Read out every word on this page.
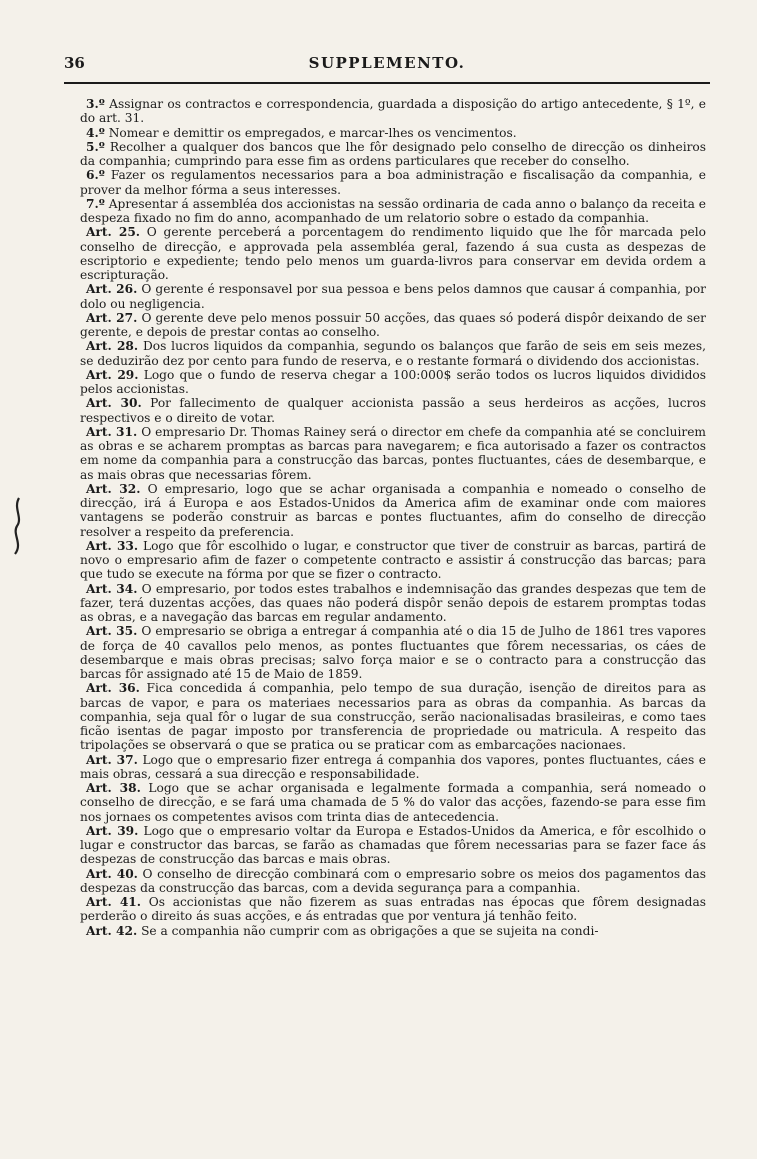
36	SUPPLEMENTO.

3.º Assignar os contractos e correspondencia, guardada a disposição do artigo antecedente, § 1º, e do art. 31.

4.º Nomear e demittir os empregados, e marcar-lhes os vencimentos.

5.º Recolher a qualquer dos bancos que lhe fôr designado pelo conselho de direcção os dinheiros da companhia; cumprindo para esse fim as ordens particulares que receber do conselho.

6.º Fazer os regulamentos necessarios para a boa administração e fiscalisação da companhia, e prover da melhor fórma a seus interesses.

7.º Apresentar á assembléa dos accionistas na sessão ordinaria de cada anno o balanço da receita e despeza fixado no fim do anno, acompanhado de um relatorio sobre o estado da companhia.

Art. 25. O gerente perceberá a porcentagem do rendimento liquido que lhe fôr marcada pelo conselho de direcção, e approvada pela assembléa geral, fazendo á sua custa as despezas de escriptorio e expediente; tendo pelo menos um guarda-livros para conservar em devida ordem a escripturação.

Art. 26. O gerente é responsavel por sua pessoa e bens pelos damnos que causar á companhia, por dolo ou negligencia.

Art. 27. O gerente deve pelo menos possuir 50 acções, das quaes só poderá dispôr deixando de ser gerente, e depois de prestar contas ao conselho.

Art. 28. Dos lucros liquidos da companhia, segundo os balanços que farão de seis em seis mezes, se deduzirão dez por cento para fundo de reserva, e o restante formará o dividendo dos accionistas.

Art. 29. Logo que o fundo de reserva chegar a 100:000$ serão todos os lucros liquidos divididos pelos accionistas.

Art. 30. Por fallecimento de qualquer accionista passão a seus herdeiros as acções, lucros respectivos e o direito de votar.

Art. 31. O empresario Dr. Thomas Rainey será o director em chefe da companhia até se concluirem as obras e se acharem promptas as barcas para navegarem; e fica autorisado a fazer os contractos em nome da companhia para a construcção das barcas, pontes fluctuantes, cáes de desembarque, e as mais obras que necessarias fôrem.

Art. 32. O empresario, logo que se achar organisada a companhia e nomeado o conselho de direcção, irá á Europa e aos Estados-Unidos da America afim de examinar onde com maiores vantagens se poderão construir as barcas e pontes fluctuantes, afim do conselho de direcção resolver a respeito da preferencia.

Art. 33. Logo que fôr escolhido o lugar, e constructor que tiver de construir as barcas, partirá de novo o empresario afim de fazer o competente contracto e assistir á construcção das barcas; para que tudo se execute na fórma por que se fizer o contracto.

Art. 34. O empresario, por todos estes trabalhos e indemnisação das grandes despezas que tem de fazer, terá duzentas acções, das quaes não poderá dispôr senão depois de estarem promptas todas as obras, e a navegação das barcas em regular andamento.

Art. 35. O empresario se obriga a entregar á companhia até o dia 15 de Julho de 1861 tres vapores de força de 40 cavallos pelo menos, as pontes fluctuantes que fôrem necessarias, os cáes de desembarque e mais obras precisas; salvo força maior e se o contracto para a construcção das barcas fôr assignado até 15 de Maio de 1859.

Art. 36. Fica concedida á companhia, pelo tempo de sua duração, isenção de direitos para as barcas de vapor, e para os materiaes necessarios para as obras da companhia. As barcas da companhia, seja qual fôr o lugar de sua construcção, serão nacionalisadas brasileiras, e como taes ficão isentas de pagar imposto por transferencia de propriedade ou matricula. A respeito das tripolações se observará o que se pratica ou se praticar com as embarcações nacionaes.

Art. 37. Logo que o empresario fizer entrega á companhia dos vapores, pontes fluctuantes, cáes e mais obras, cessará a sua direcção e responsabilidade.

Art. 38. Logo que se achar organisada e legalmente formada a companhia, será nomeado o conselho de direcção, e se fará uma chamada de 5 % do valor das acções, fazendo-se para esse fim nos jornaes os competentes avisos com trinta dias de antecedencia.

Art. 39. Logo que o empresario voltar da Europa e Estados-Unidos da America, e fôr escolhido o lugar e constructor das barcas, se farão as chamadas que fôrem necessarias para se fazer face ás despezas de construcção das barcas e mais obras.

Art. 40. O conselho de direcção combinará com o empresario sobre os meios dos pagamentos das despezas da construcção das barcas, com a devida segurança para a companhia.

Art. 41. Os accionistas que não fizerem as suas entradas nas épocas que fôrem designadas perderão o direito ás suas acções, e ás entradas que por ventura já tenhão feito.

Art. 42. Se a companhia não cumprir com as obrigações a que se sujeita na condi-
